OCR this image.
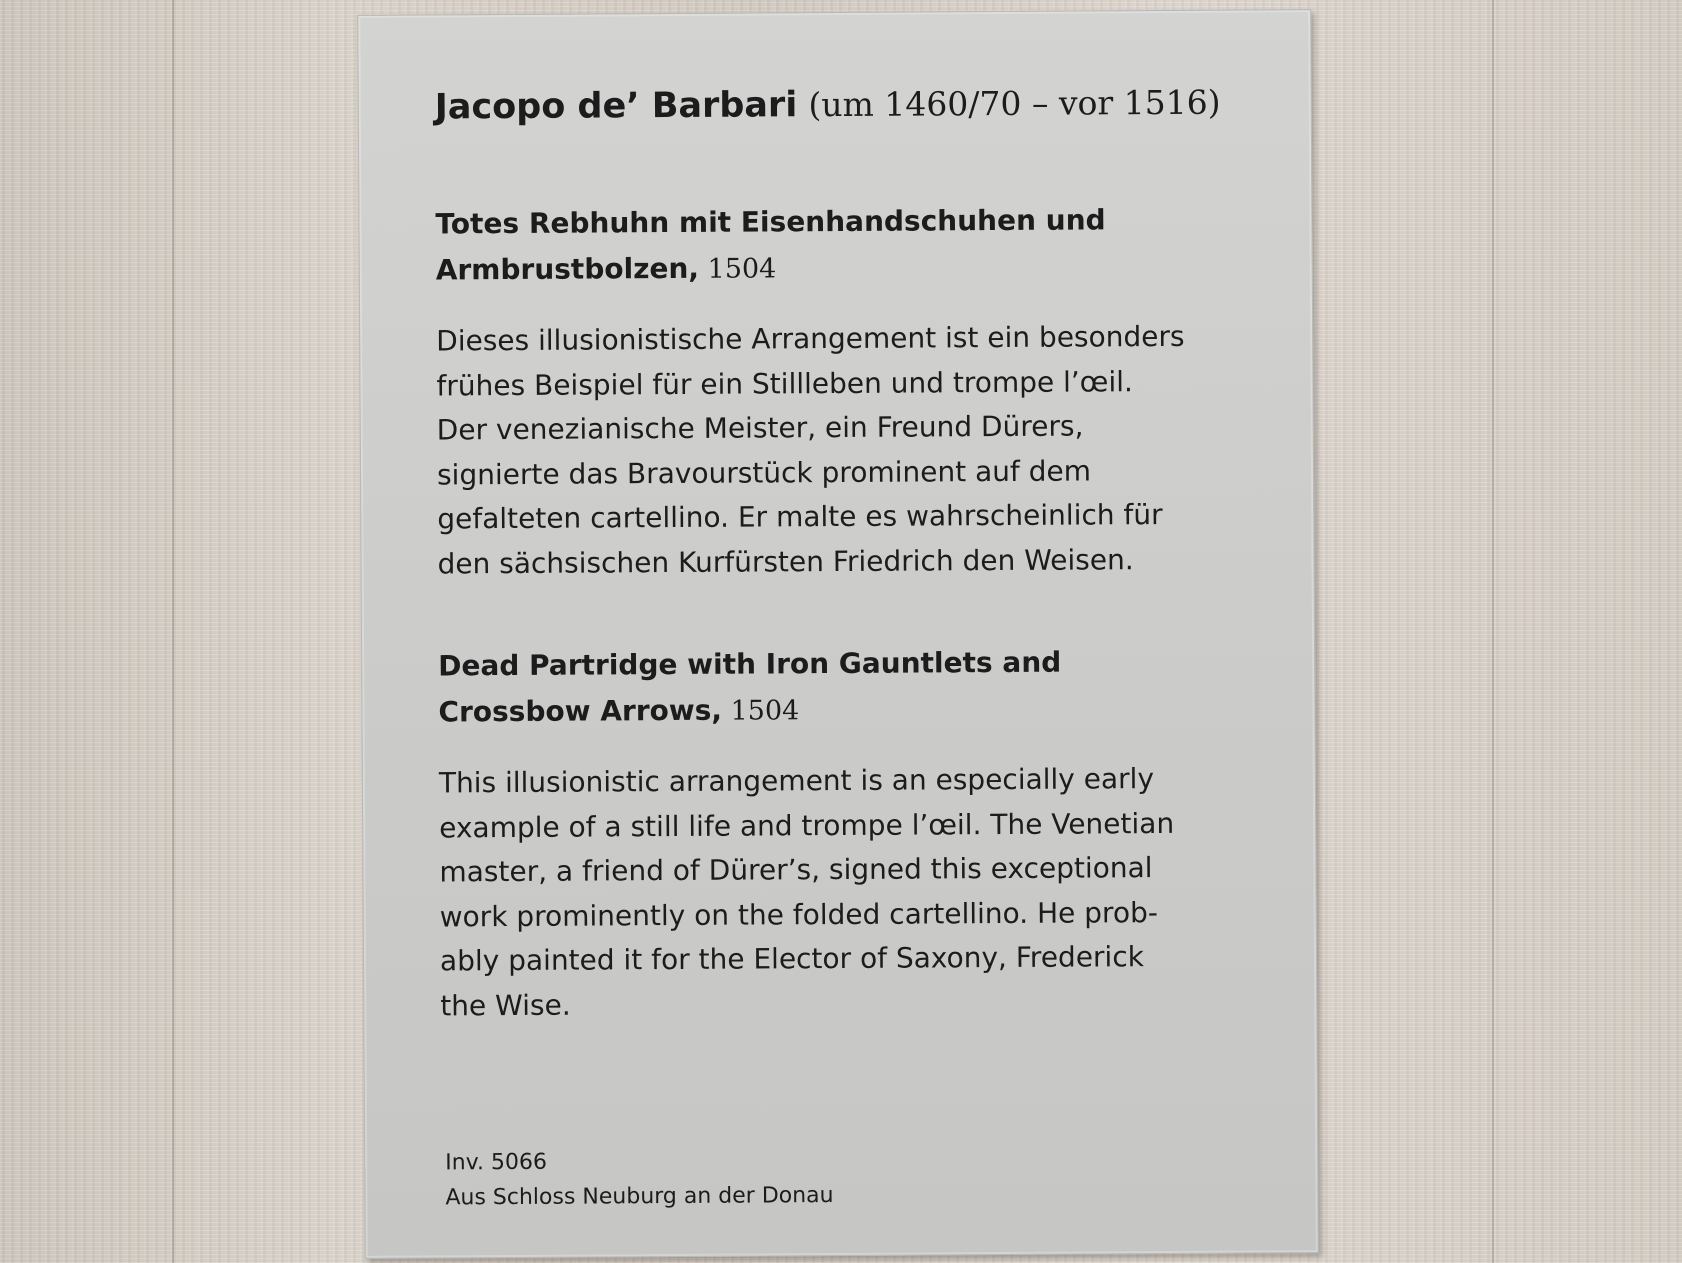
Jacopo de’ Barbari (um 1460/70 – vor 1516)
Totes Rebhuhn mit Eisenhandschuhen und
Armbrustbolzen, 1504

Dieses illusionistische Arrangement ist ein besonders
frühes Beispiel für ein Stillleben und trompe l’œil.
Der venezianische Meister, ein Freund Dürers,
signierte das Bravourstück prominent auf dem
gefalteten cartellino. Er malte es wahrscheinlich für
den sächsischen Kurfürsten Friedrich den Weisen.

Dead Partridge with Iron Gauntlets and
Crossbow Arrows, 1504

This illusionistic arrangement is an especially early
example of a still life and trompe l’œil. The Venetian
master, a friend of Dürer’s, signed this exceptional
work prominently on the folded cartellino. He prob-
ably painted it for the Elector of Saxony, Frederick
the Wise.

Inv. 5066
Aus Schloss Neuburg an der Donau
